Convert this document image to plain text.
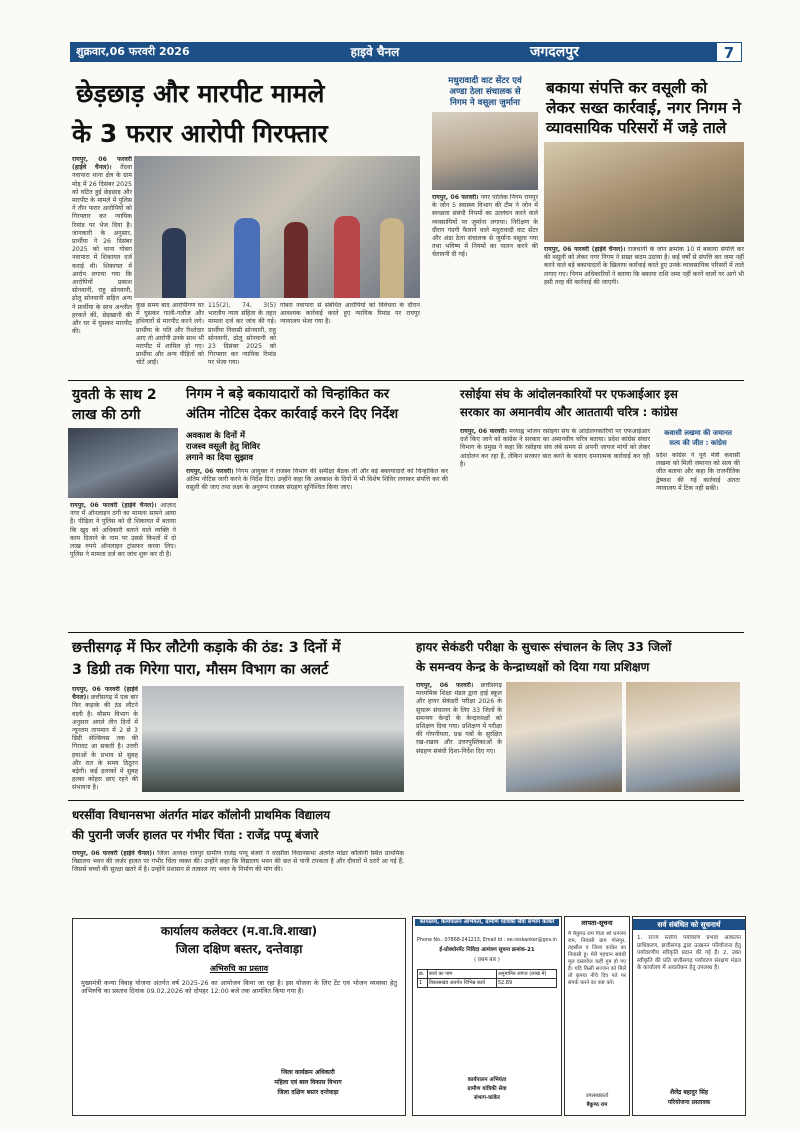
शुक्रवार,06 फरवरी 2026	हाइवे चैनल	जगदलपुर	7
छेड़छाड़ और मारपीट मामले
के 3 फरार आरोपी गिरफ्तार
रायपुर, 06 फरवरी (हाईवे चैनल)। तेंदवा नवापारा थाना क्षेत्र के ग्राम मोड़ में 26 दिसंबर 2025 को घटित हुई छेड़छाड़ और मारपीट के मामले में पुलिस ने तीन फरार आरोपियों को गिरफ्तार कर न्यायिक रिमांड पर भेज दिया है। जानकारी के अनुसार, प्रार्थीया ने 26 दिसंबर 2025 को थाना गोबरा नवापारा में शिकायत दर्ज कराई थी। शिकायत में आरोप लगाया गया कि आरोपियों प्रकाश सोनवानी, राहु सोनवानी, ढोलू सोनवानी सहित अन्य ने प्रार्थीया के साथ अश्लील हरकतें कीं, छेड़खानी की और घर में घुसकर मारपीट की।
कुछ समय बाद आरोपीगण घर में घुसकर गाली-गलौज और हथियारों से मारपीट करने लगे। प्रार्थीया के पति और रिश्तेदार आए तो आरोपी उनके साथ भी मारपीट में शामिल हो गए। प्रार्थीया और अन्य पीड़ितों को चोटें आईं।
115(2), 74, 3(5) भारतीय न्याय संहिता के तहत मामला दर्ज कर जांच की गई। प्रार्थीया निवासी सोनवानी, राहु सोनवानी, ढोलू सोनवानी को 23 दिसंबर 2025 को गिरफ्तार कर न्यायिक रिमांड पर भेजा गया।
गोबरा नवापारा से संबंधित आरोपियों को विवेचना के दौरान आवश्यक कार्रवाई करते हुए न्यायिक रिमांड पर रायपुर न्यायालय भेजा गया है।
मधुरावादी वाट सेंटर एवं
अण्डा ठेला संचालक से
निगम ने वसूला जुर्माना
रायपुर, 06 फरवरी। नगर पालिक निगम रायपुर के जोन 5 स्वास्थ्य विभाग की टीम ने जोन में स्वच्छता संबंधी नियमों का उल्लंघन करने वाले व्यवसायियों पर जुर्माना लगाया। निरीक्षण के दौरान गंदगी फैलाने वाले मधुरावादी वाट सेंटर और अंडा ठेला संचालक से जुर्माना वसूला गया तथा भविष्य में नियमों का पालन करने की चेतावनी दी गई।
बकाया संपत्ति कर वसूली को
लेकर सख्त कार्रवाई, नगर निगम ने
व्यावसायिक परिसरों में जड़े ताले
रायपुर, 06 फरवरी (हाईवे चैनल)। राजधानी के जोन क्रमांक 10 में बकाया संपत्ति कर की वसूली को लेकर नगर निगम ने सख्त कदम उठाया है। कई वर्षों से संपत्ति कर जमा नहीं करने वाले बड़े बकायादारों के खिलाफ कार्रवाई करते हुए उनके व्यावसायिक परिसरों में ताले लगाए गए। निगम अधिकारियों ने बताया कि बकाया राशि जमा नहीं करने वालों पर आगे भी इसी तरह की कार्रवाई की जाएगी।
युवती के साथ 2
लाख की ठगी
रायपुर, 06 फरवरी (हाईवे चैनल)। आज़ाद नगर में ऑनलाइन ठगी का मामला सामने आया है। पीड़िता ने पुलिस को दी शिकायत में बताया कि खुद को अधिकारी बताने वाले व्यक्ति ने काम दिलाने के नाम पर उससे किश्तों में दो लाख रुपये ऑनलाइन ट्रांसफर करवा लिए। पुलिस ने मामला दर्ज कर जांच शुरू कर दी है।
निगम ने बड़े बकायादारों को चिन्हांकित कर
अंतिम नोटिस देकर कार्रवाई करने दिए निर्देश
अवकाश के दिनों में
राजस्व वसूली हेतु शिविर
लगाने का दिया सुझाव
रायपुर, 06 फरवरी। निगम आयुक्त ने राजस्व विभाग की समीक्षा बैठक ली और बड़े बकायादारों को चिन्हांकित कर अंतिम नोटिस जारी करने के निर्देश दिए। उन्होंने कहा कि अवकाश के दिनों में भी विशेष शिविर लगाकर संपत्ति कर की वसूली की जाए तथा लक्ष्य के अनुरूप राजस्व संग्रहण सुनिश्चित किया जाए।
रसोईया संघ के आंदोलनकारियों पर एफआईआर इस
सरकार का अमानवीय और आततायी चरित्र : कांग्रेस
रायपुर, 06 फरवरी। मध्याह्न भोजन रसोइया संघ के आंदोलनकारियों पर एफआईआर दर्ज किए जाने को कांग्रेस ने सरकार का अमानवीय चरित्र बताया। प्रदेश कांग्रेस संचार विभाग के प्रमुख ने कहा कि रसोइया संघ लंबे समय से अपनी जायज मांगों को लेकर आंदोलन कर रहा है, लेकिन सरकार बात करने के बजाय दमनात्मक कार्रवाई कर रही है।
कवासी लखमा की जमानत
सत्य की जीत : कांग्रेस
प्रदेश कांग्रेस ने पूर्व मंत्री कवासी लखमा को मिली जमानत को सत्य की जीत बताया और कहा कि राजनीतिक द्वेषवश की गई कार्रवाई अंततः न्यायालय में टिक नहीं सकी।
छत्तीसगढ़ में फिर लौटेगी कड़ाके की ठंड: 3 दिनों में
3 डिग्री तक गिरेगा पारा, मौसम विभाग का अलर्ट
रायपुर, 06 फरवरी (हाईवे चैनल)। छत्तीसगढ़ में एक बार फिर कड़ाके की ठंड लौटने वाली है। मौसम विभाग के अनुसार अगले तीन दिनों में न्यूनतम तापमान में 2 से 3 डिग्री सेल्सियस तक की गिरावट आ सकती है। उत्तरी हवाओं के प्रभाव से सुबह और रात के समय ठिठुरन बढ़ेगी। कई इलाकों में सुबह हल्का कोहरा छाए रहने की संभावना है।
हायर सेकंडरी परीक्षा के सुचारू संचालन के लिए 33 जिलों
के समन्वय केन्द्र के केन्द्राध्यक्षों को दिया गया प्रशिक्षण
रायपुर, 06 फरवरी। छत्तीसगढ़ माध्यमिक शिक्षा मंडल द्वारा हाई स्कूल और हायर सेकंडरी परीक्षा 2026 के सुचारू संचालन के लिए 33 जिलों के समन्वय केन्द्रों के केन्द्राध्यक्षों को प्रशिक्षण दिया गया। प्रशिक्षण में परीक्षा की गोपनीयता, प्रश्न पत्रों के सुरक्षित रख-रखाव और उत्तरपुस्तिकाओं के संग्रहण संबंधी दिशा-निर्देश दिए गए।
धरसींवा विधानसभा अंतर्गत मांढर कॉलोनी प्राथमिक विद्यालय
की पुरानी जर्जर हालत पर गंभीर चिंता : राजेंद्र पप्पू बंजारे
रायपुर, 06 फरवरी (हाईवे चैनल)। जिला अध्यक्ष रायपुर ग्रामीण राजेंद्र पप्पू बंजारे ने धरसींवा विधानसभा अंतर्गत मांढर कॉलोनी स्थित प्राथमिक विद्यालय भवन की जर्जर हालत पर गंभीर चिंता व्यक्त की। उन्होंने कहा कि विद्यालय भवन की छत से पानी टपकता है और दीवारों में दरारें आ गई हैं, जिससे बच्चों की सुरक्षा खतरे में है। उन्होंने प्रशासन से तत्काल नए भवन के निर्माण की मांग की।
कार्यालय कलेक्टर (म.वा.वि.शाखा)
जिला दक्षिण बस्तर, दन्तेवाड़ा
अभिरुचि का प्रस्ताव
मुख्यमंत्री कन्या विवाह योजना अंतर्गत वर्ष 2025-26 का आयोजन किया जा रहा है। इस योजना के लिए टेंट एवं भोजन व्यवस्था हेतु अभिरुचि का प्रस्ताव दिनांक 09.02.2026 को दोपहर 12:00 बजे तक आमंत्रित किया गया है।
जिला कार्यक्रम अधिकारी
महिला एवं बाल विकास विभाग
जिला दक्षिण बस्तर दन्तेवाड़ा
कार्यालय, कार्यपालन अभियंता, ग्रामीण यांत्रिकी सेवा संभाग कांकेर
Phone No.: 07868-241213, Email Id : ee.reskanker@gov.in
ई-प्रोक्योरमेंट निविदा आमंत्रण सूचना क्रमांक-21
( प्रथम बार )
क्र.	कार्य का नाम	अनुमानित लागत (लाख में)
1	विकासखंड अंतर्गत विभिन्न कार्य	52.89
कार्यपालन अभियंता
ग्रामीण यांत्रिकी सेवा
संभाग-कांकेर
लापता-सूचना
मैं बैकुण्ठ राम पिता श्री धनंजय राम, निवासी ग्राम गोलपुर, तहसील व जिला कांकेर का निवासी हूं। मेरी पहचान संबंधी मूल दस्तावेज कहीं गुम हो गए हैं। यदि किसी सज्जन को मिलें तो कृपया नीचे दिए पते पर संपर्क करने का कष्ट करें।
उपलब्धकर्ता
बैकुण्ठ राम
सर्व संबंधित को सूचनार्थ
1. राज्य स्तरीय पर्यावरण प्रभाव आकलन प्राधिकरण, छत्तीसगढ़ द्वारा उत्खनन परियोजना हेतु पर्यावरणीय स्वीकृति प्रदान की गई है। 2. उक्त स्वीकृति की प्रति छत्तीसगढ़ पर्यावरण संरक्षण मंडल के कार्यालय में अवलोकन हेतु उपलब्ध है।
शैलेंद्र बहादुर सिंह
परियोजना प्रस्तावक
